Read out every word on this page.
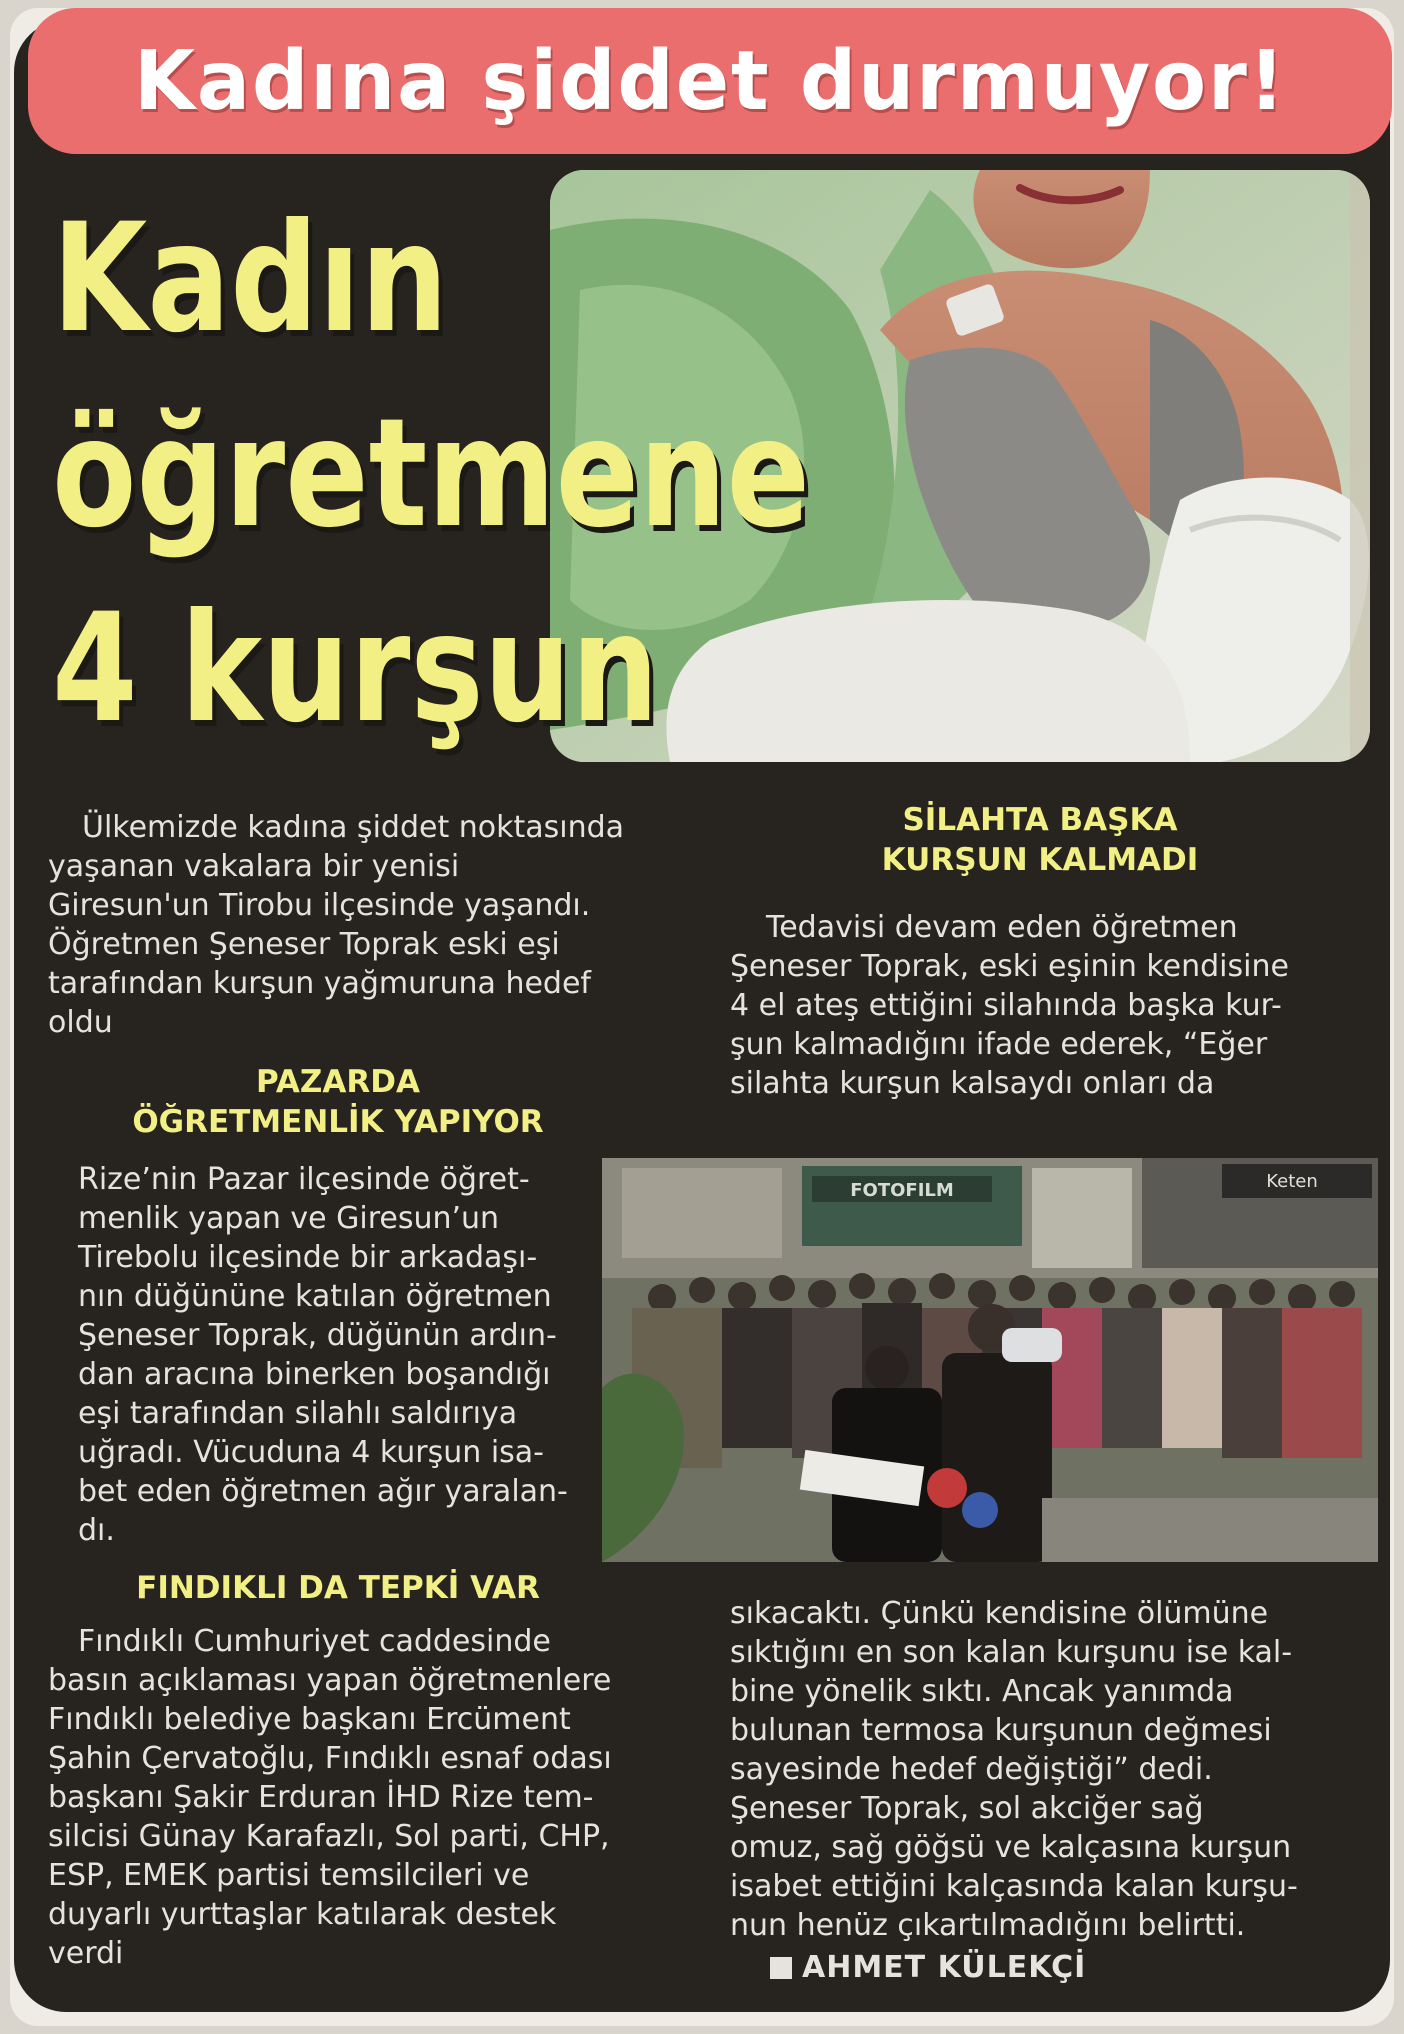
Kadına şiddet durmuyor!
Kadın
öğretmene
4 kurşun

Ülkemizde kadına şiddet noktasında

yaşanan vakalara bir yenisi

Giresun'un Tirobu ilçesinde yaşandı.

Öğretmen Şeneser Toprak eski eşi

tarafından kurşun yağmuruna hedef

oldu

PAZARDA
ÖĞRETMENLİK YAPIYOR

Rize’nin Pazar ilçesinde öğret-

menlik yapan ve Giresun’un

Tirebolu ilçesinde bir arkadaşı-

nın düğününe katılan öğretmen

Şeneser Toprak, düğünün ardın-

dan aracına binerken boşandığı

eşi tarafından silahlı saldırıya

uğradı. Vücuduna 4 kurşun isa-

bet eden öğretmen ağır yaralan-

dı.

FINDIKLI DA TEPKİ VAR

Fındıklı Cumhuriyet caddesinde

basın açıklaması yapan öğretmenlere

Fındıklı belediye başkanı Ercüment

Şahin Çervatoğlu, Fındıklı esnaf odası

başkanı Şakir Erduran İHD Rize tem-

silcisi Günay Karafazlı, Sol parti, CHP,

ESP, EMEK partisi temsilcileri ve

duyarlı yurttaşlar katılarak destek

verdi

SİLAHTA BAŞKA
KURŞUN KALMADI

Tedavisi devam eden öğretmen

Şeneser Toprak, eski eşinin kendisine

4 el ateş ettiğini silahında başka kur-

şun kalmadığını ifade ederek, “Eğer

silahta kurşun kalsaydı onları da

FOTOFILM	Keten

sıkacaktı. Çünkü kendisine ölümüne

sıktığını en son kalan kurşunu ise kal-

bine yönelik sıktı. Ancak yanımda

bulunan termosa kurşunun değmesi

sayesinde hedef değiştiği” dedi.

Şeneser Toprak, sol akciğer sağ

omuz, sağ göğsü ve kalçasına kurşun

isabet ettiğini kalçasında kalan kurşu-

nun henüz çıkartılmadığını belirtti.

AHMET KÜLEKÇİ
